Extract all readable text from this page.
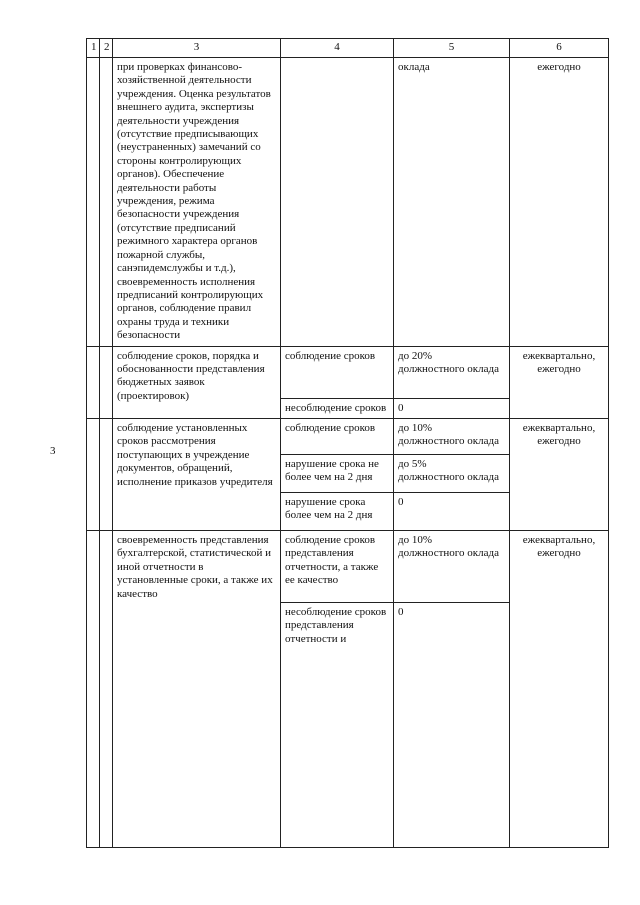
3
1	2	3	4	5	6
		при проверках финансово-хозяйственной деятельности учреждения. Оценка результатов внешнего аудита, экспертизы деятельности учреждения (отсутствие предписывающих (неустраненных) замечаний со стороны контролирующих органов). Обеспечение деятельности работы учреждения, режима безопасности учреждения (отсутствие предписаний режимного характера органов пожарной службы, санэпидемслужбы и т.д.), своевременность исполнения предписаний контролирующих органов, соблюдение правил охраны труда и техники безопасности		оклада	ежегодно
		соблюдение сроков, порядка и обоснованности представления бюджетных заявок (проектировок)	соблюдение сроков	до 20%
должностного оклада	ежеквартально, ежегодно
			несоблюдение сроков	0	
		соблюдение установленных сроков рассмотрения поступающих в учреждение документов, обращений, исполнение приказов учредителя	соблюдение сроков	до 10%
должностного оклада	ежеквартально, ежегодно
			нарушение срока не более чем на 2 дня	до 5%
должностного оклада	
			нарушение срока более чем на 2 дня	0	
		своевременность представления бухгалтерской, статистической и иной отчетности в установленные сроки, а также их качество	соблюдение сроков представления отчетности, а также ее качество	до 10%
должностного оклада	ежеквартально, ежегодно
			несоблюдение сроков представления отчетности и	0	
